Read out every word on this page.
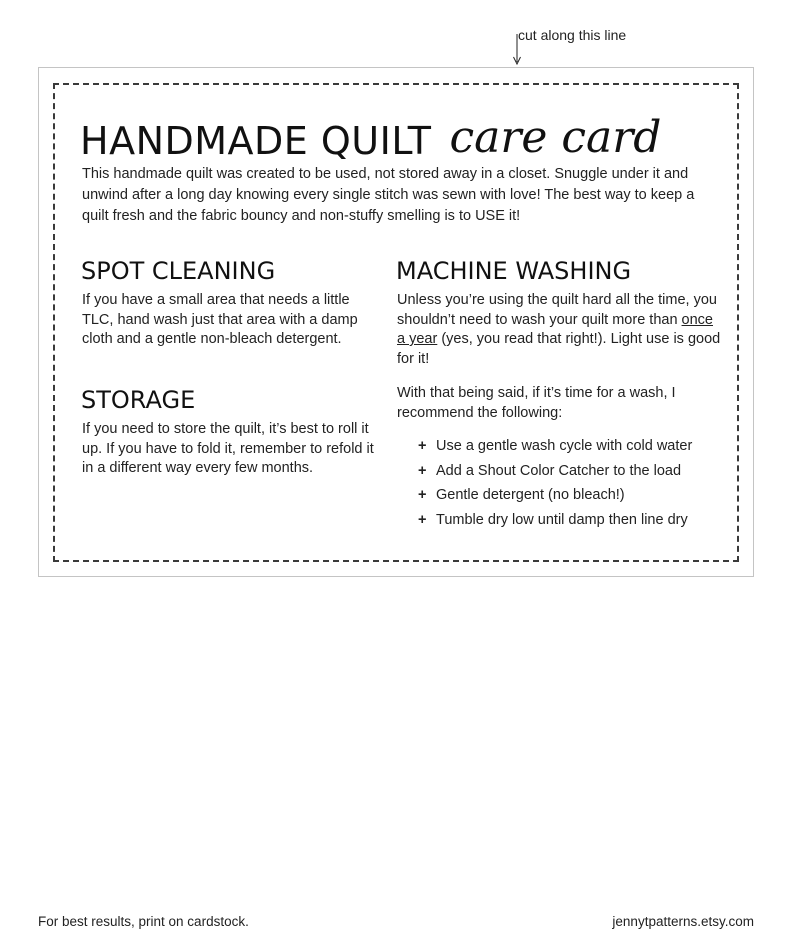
cut along this line
HANDMADE QUILT care card

This handmade quilt was created to be used, not stored away in a closet. Snuggle under it and unwind after a long day knowing every single stitch was sewn with love! The best way to keep a quilt fresh and the fabric bouncy and non-stuffy smelling is to USE it!

SPOT CLEANING

If you have a small area that needs a little TLC, hand wash just that area with a damp cloth and a gentle non-bleach detergent.

STORAGE

If you need to store the quilt, it’s best to roll it up. If you have to fold it, remember to refold it in a different way every few months.

MACHINE WASHING

Unless you’re using the quilt hard all the time, you shouldn’t need to wash your quilt more than once a year (yes, you read that right!). Light use is good for it!

With that being said, if it’s time for a wash, I recommend the following:

+ Use a gentle wash cycle with cold water
+ Add a Shout Color Catcher to the load
+ Gentle detergent (no bleach!)
+ Tumble dry low until damp then line dry
For best results, print on cardstock.	jennytpatterns.etsy.com
